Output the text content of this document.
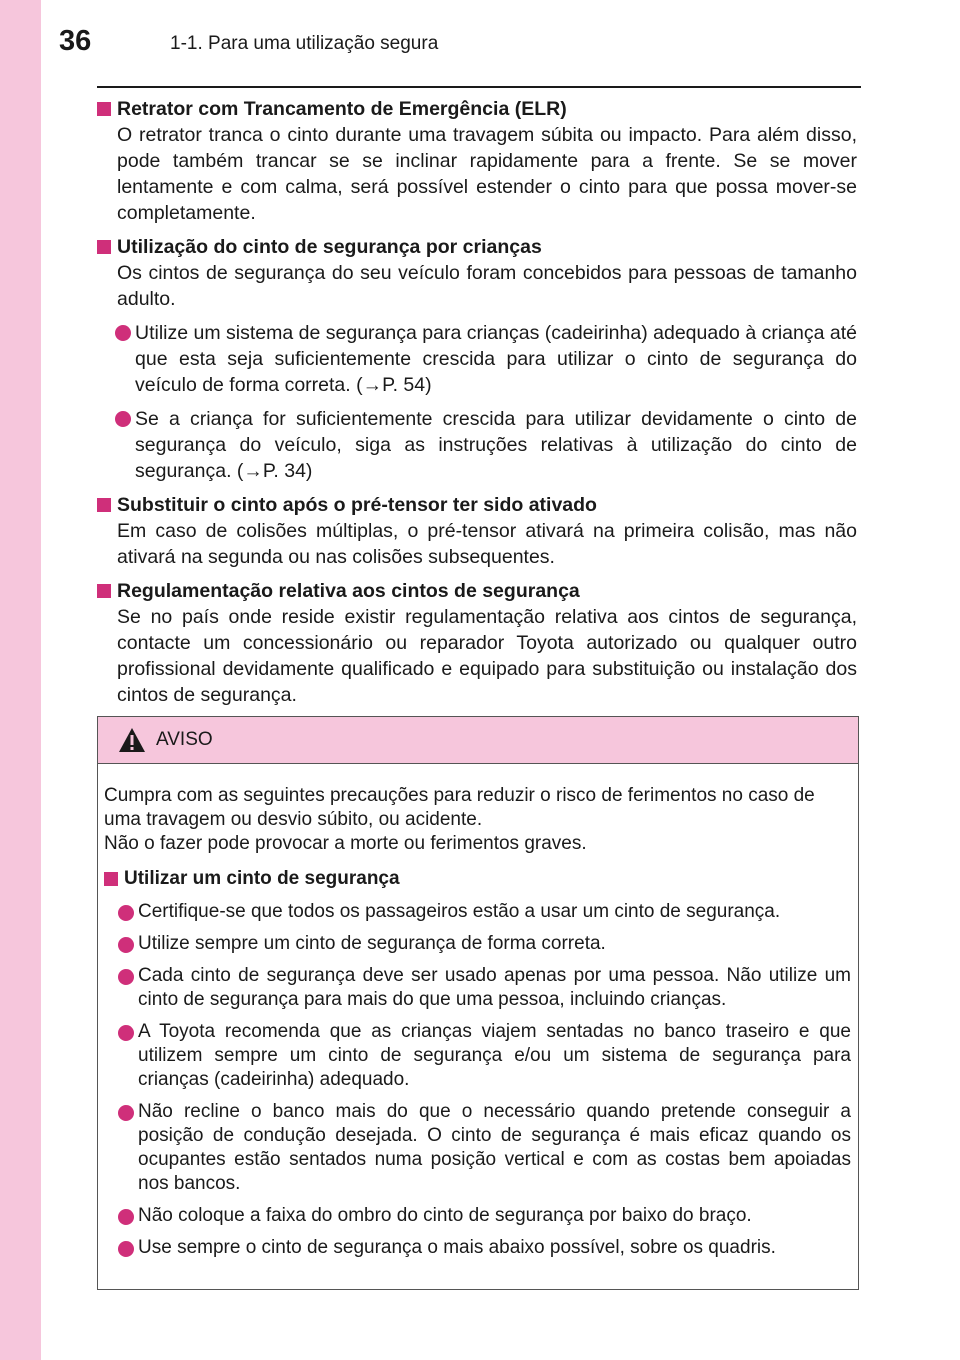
36	1-1. Para uma utilização segura
Retrator com Trancamento de Emergência (ELR)
O retrator tranca o cinto durante uma travagem súbita ou impacto. Para além disso, pode também trancar se se inclinar rapidamente para a frente. Se se mover lentamente e com calma, será possível estender o cinto para que possa mover-se completamente.
Utilização do cinto de segurança por crianças
Os cintos de segurança do seu veículo foram concebidos para pessoas de tamanho adulto.
Utilize um sistema de segurança para crianças (cadeirinha) adequado à criança até que esta seja suficientemente crescida para utilizar o cinto de segurança do veículo de forma correta. (→P. 54)
Se a criança for suficientemente crescida para utilizar devidamente o cinto de segurança do veículo, siga as instruções relativas à utilização do cinto de segurança. (→P. 34)
Substituir o cinto após o pré-tensor ter sido ativado
Em caso de colisões múltiplas, o pré-tensor ativará na primeira colisão, mas não ativará na segunda ou nas colisões subsequentes.
Regulamentação relativa aos cintos de segurança
Se no país onde reside existir regulamentação relativa aos cintos de segurança, contacte um concessionário ou reparador Toyota autorizado ou qualquer outro profissional devidamente qualificado e equipado para substituição ou instalação dos cintos de segurança.
AVISO
Cumpra com as seguintes precauções para reduzir o risco de ferimentos no caso de uma travagem ou desvio súbito, ou acidente.
Não o fazer pode provocar a morte ou ferimentos graves.
Utilizar um cinto de segurança
Certifique-se que todos os passageiros estão a usar um cinto de segurança.
Utilize sempre um cinto de segurança de forma correta.
Cada cinto de segurança deve ser usado apenas por uma pessoa. Não utilize um cinto de segurança para mais do que uma pessoa, incluindo crianças.
A Toyota recomenda que as crianças viajem sentadas no banco traseiro e que utilizem sempre um cinto de segurança e/ou um sistema de segurança para crianças (cadeirinha) adequado.
Não recline o banco mais do que o necessário quando pretende conseguir a posição de condução desejada. O cinto de segurança é mais eficaz quando os ocupantes estão sentados numa posição vertical e com as costas bem apoiadas nos bancos.
Não coloque a faixa do ombro do cinto de segurança por baixo do braço.
Use sempre o cinto de segurança o mais abaixo possível, sobre os quadris.
